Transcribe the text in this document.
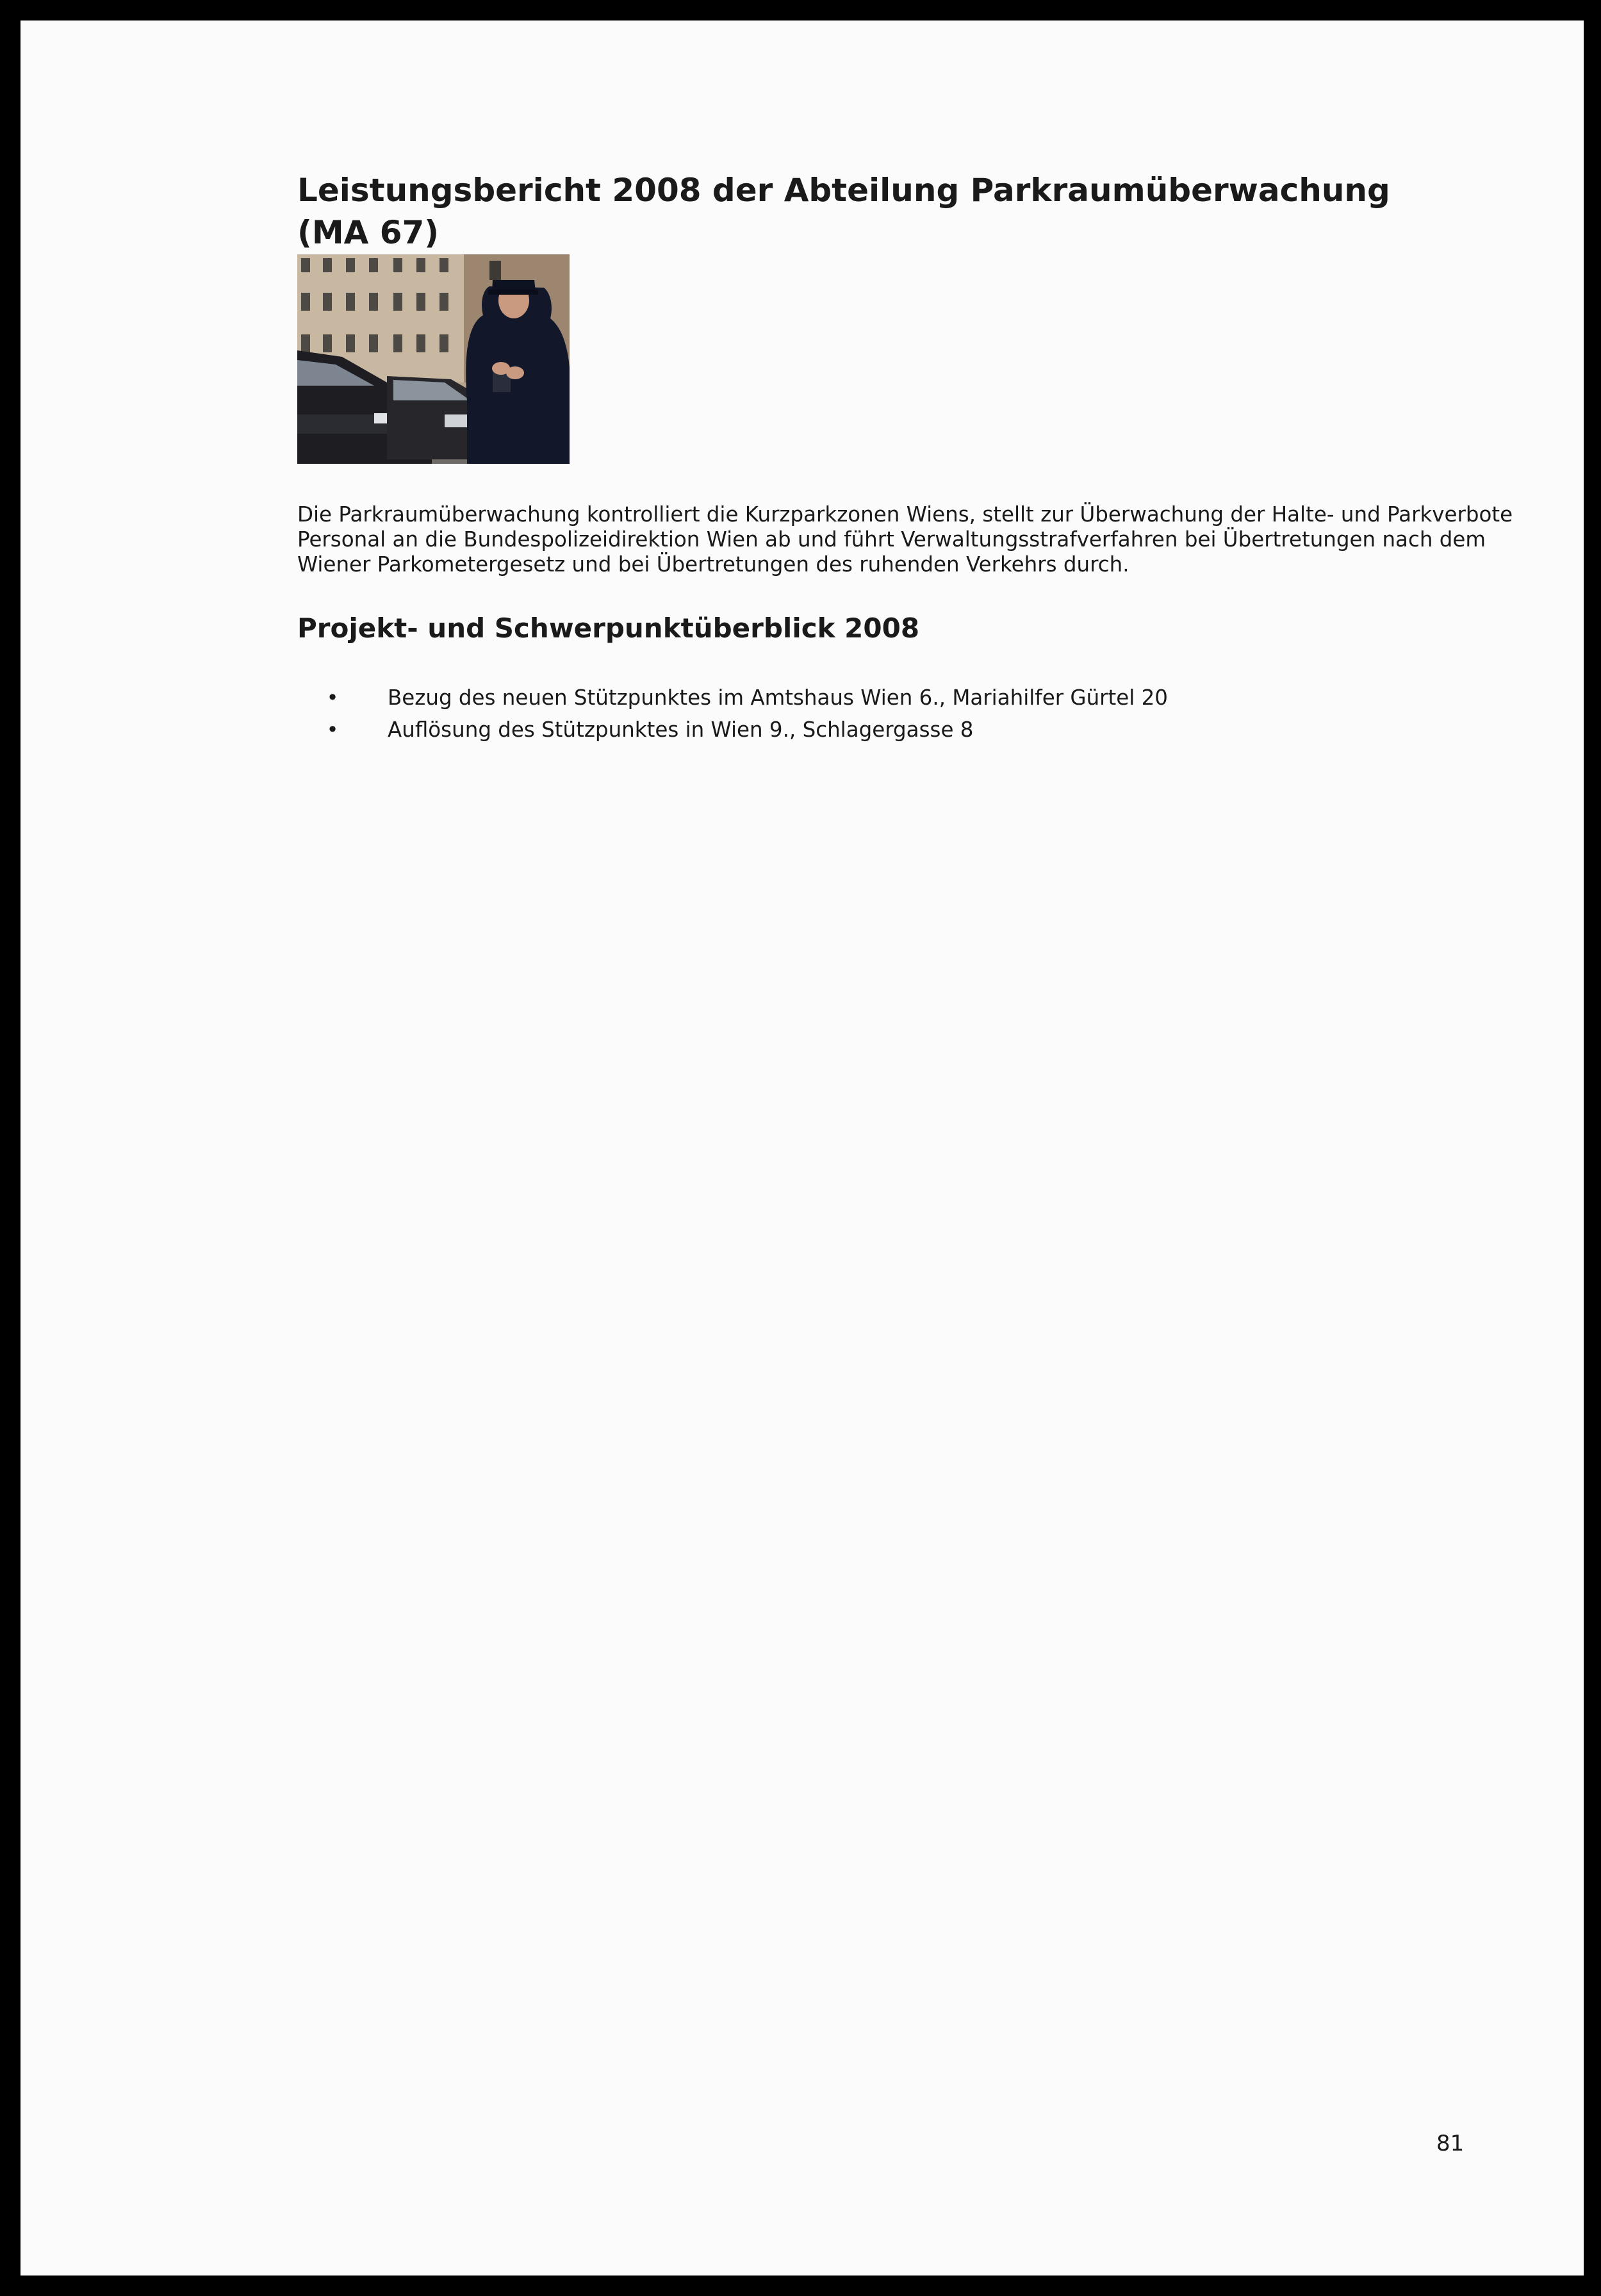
Leistungsbericht 2008 der Abteilung Parkraumüberwachung (MA 67)

Die Parkraumüberwachung kontrolliert die Kurzparkzonen Wiens, stellt zur Überwachung der Halte- und Parkverbote Personal an die Bundespolizeidirektion Wien ab und führt Verwaltungsstrafverfahren bei Übertretungen nach dem Wiener Parkometergesetz und bei Übertretungen des ruhenden Verkehrs durch.

Projekt- und Schwerpunktüberblick 2008
•	Bezug des neuen Stützpunktes im Amtshaus Wien 6., Mariahilfer Gürtel 20
•	Auflösung des Stützpunktes in Wien 9., Schlagergasse 8
81
